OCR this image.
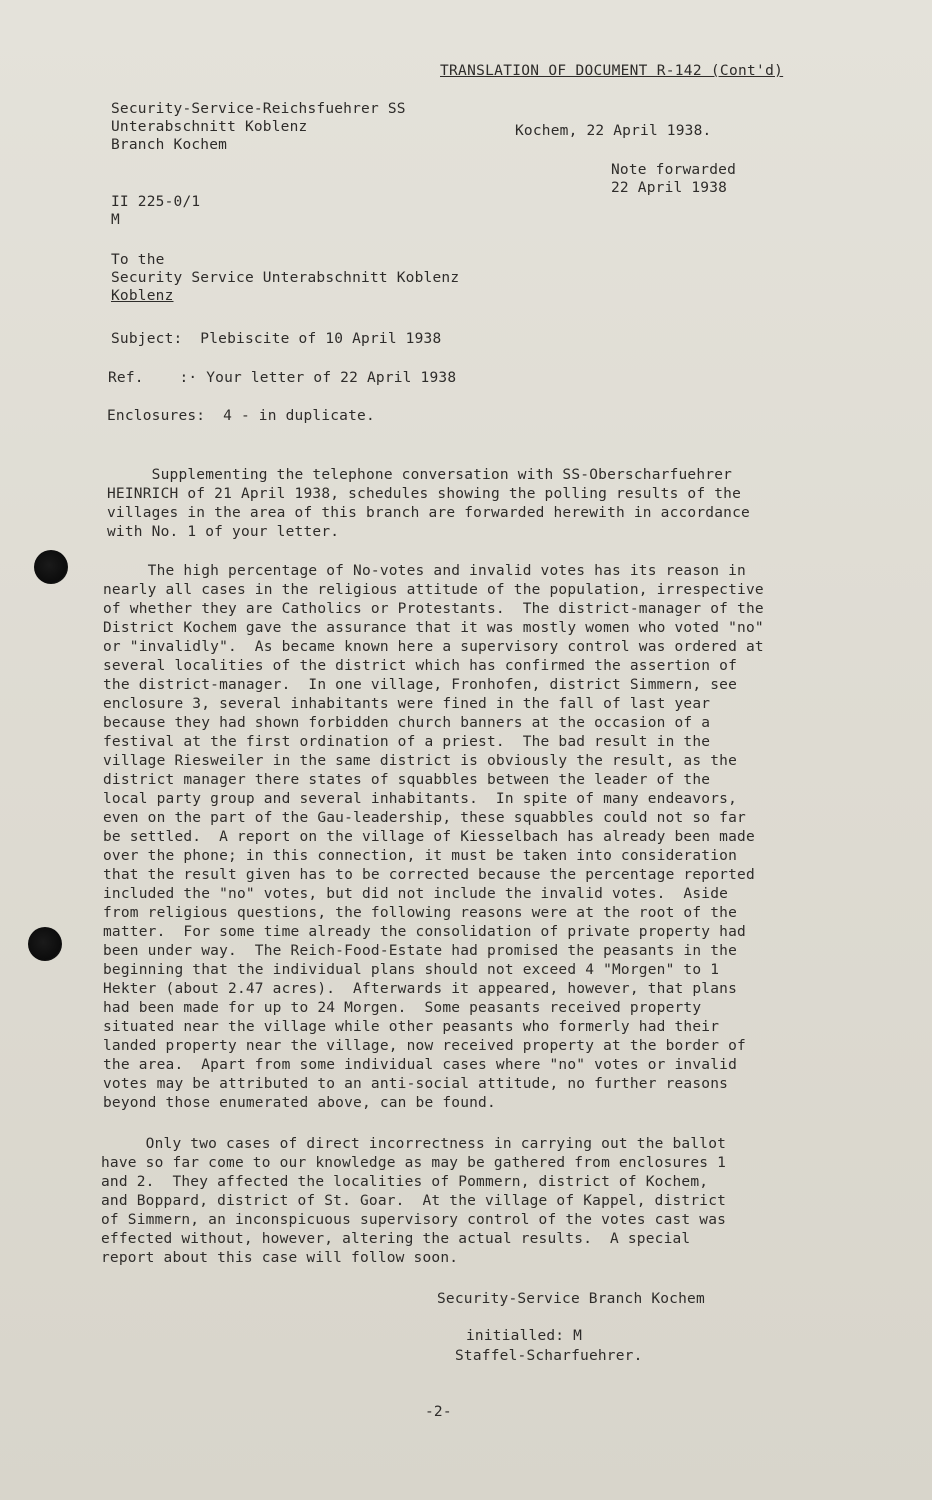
TRANSLATION OF DOCUMENT R-142 (Cont'd)
Security-Service-Reichsfuehrer SS
Unterabschnitt Koblenz
Branch Kochem
Kochem, 22 April 1938.
Note forwarded
22 April 1938
II 225-0/1
M
To the
Security Service Unterabschnitt Koblenz
Koblenz
Subject:  Plebiscite of 10 April 1938
Ref.    :· Your letter of 22 April 1938
Enclosures:  4 - in duplicate.
Supplementing the telephone conversation with SS-Oberscharfuehrer
HEINRICH of 21 April 1938, schedules showing the polling results of the
villages in the area of this branch are forwarded herewith in accordance
with No. 1 of your letter.
The high percentage of No-votes and invalid votes has its reason in
nearly all cases in the religious attitude of the population, irrespective
of whether they are Catholics or Protestants.  The district-manager of the
District Kochem gave the assurance that it was mostly women who voted "no"
or "invalidly".  As became known here a supervisory control was ordered at
several localities of the district which has confirmed the assertion of
the district-manager.  In one village, Fronhofen, district Simmern, see
enclosure 3, several inhabitants were fined in the fall of last year
because they had shown forbidden church banners at the occasion of a
festival at the first ordination of a priest.  The bad result in the
village Riesweiler in the same district is obviously the result, as the
district manager there states of squabbles between the leader of the
local party group and several inhabitants.  In spite of many endeavors,
even on the part of the Gau-leadership, these squabbles could not so far
be settled.  A report on the village of Kiesselbach has already been made
over the phone; in this connection, it must be taken into consideration
that the result given has to be corrected because the percentage reported
included the "no" votes, but did not include the invalid votes.  Aside
from religious questions, the following reasons were at the root of the
matter.  For some time already the consolidation of private property had
been under way.  The Reich-Food-Estate had promised the peasants in the
beginning that the individual plans should not exceed 4 "Morgen" to 1
Hekter (about 2.47 acres).  Afterwards it appeared, however, that plans
had been made for up to 24 Morgen.  Some peasants received property
situated near the village while other peasants who formerly had their
landed property near the village, now received property at the border of
the area.  Apart from some individual cases where "no" votes or invalid
votes may be attributed to an anti-social attitude, no further reasons
beyond those enumerated above, can be found.
Only two cases of direct incorrectness in carrying out the ballot
have so far come to our knowledge as may be gathered from enclosures 1
and 2.  They affected the localities of Pommern, district of Kochem,
and Boppard, district of St. Goar.  At the village of Kappel, district
of Simmern, an inconspicuous supervisory control of the votes cast was
effected without, however, altering the actual results.  A special
report about this case will follow soon.
Security-Service Branch Kochem
initialled: M
Staffel-Scharfuehrer.
-2-
